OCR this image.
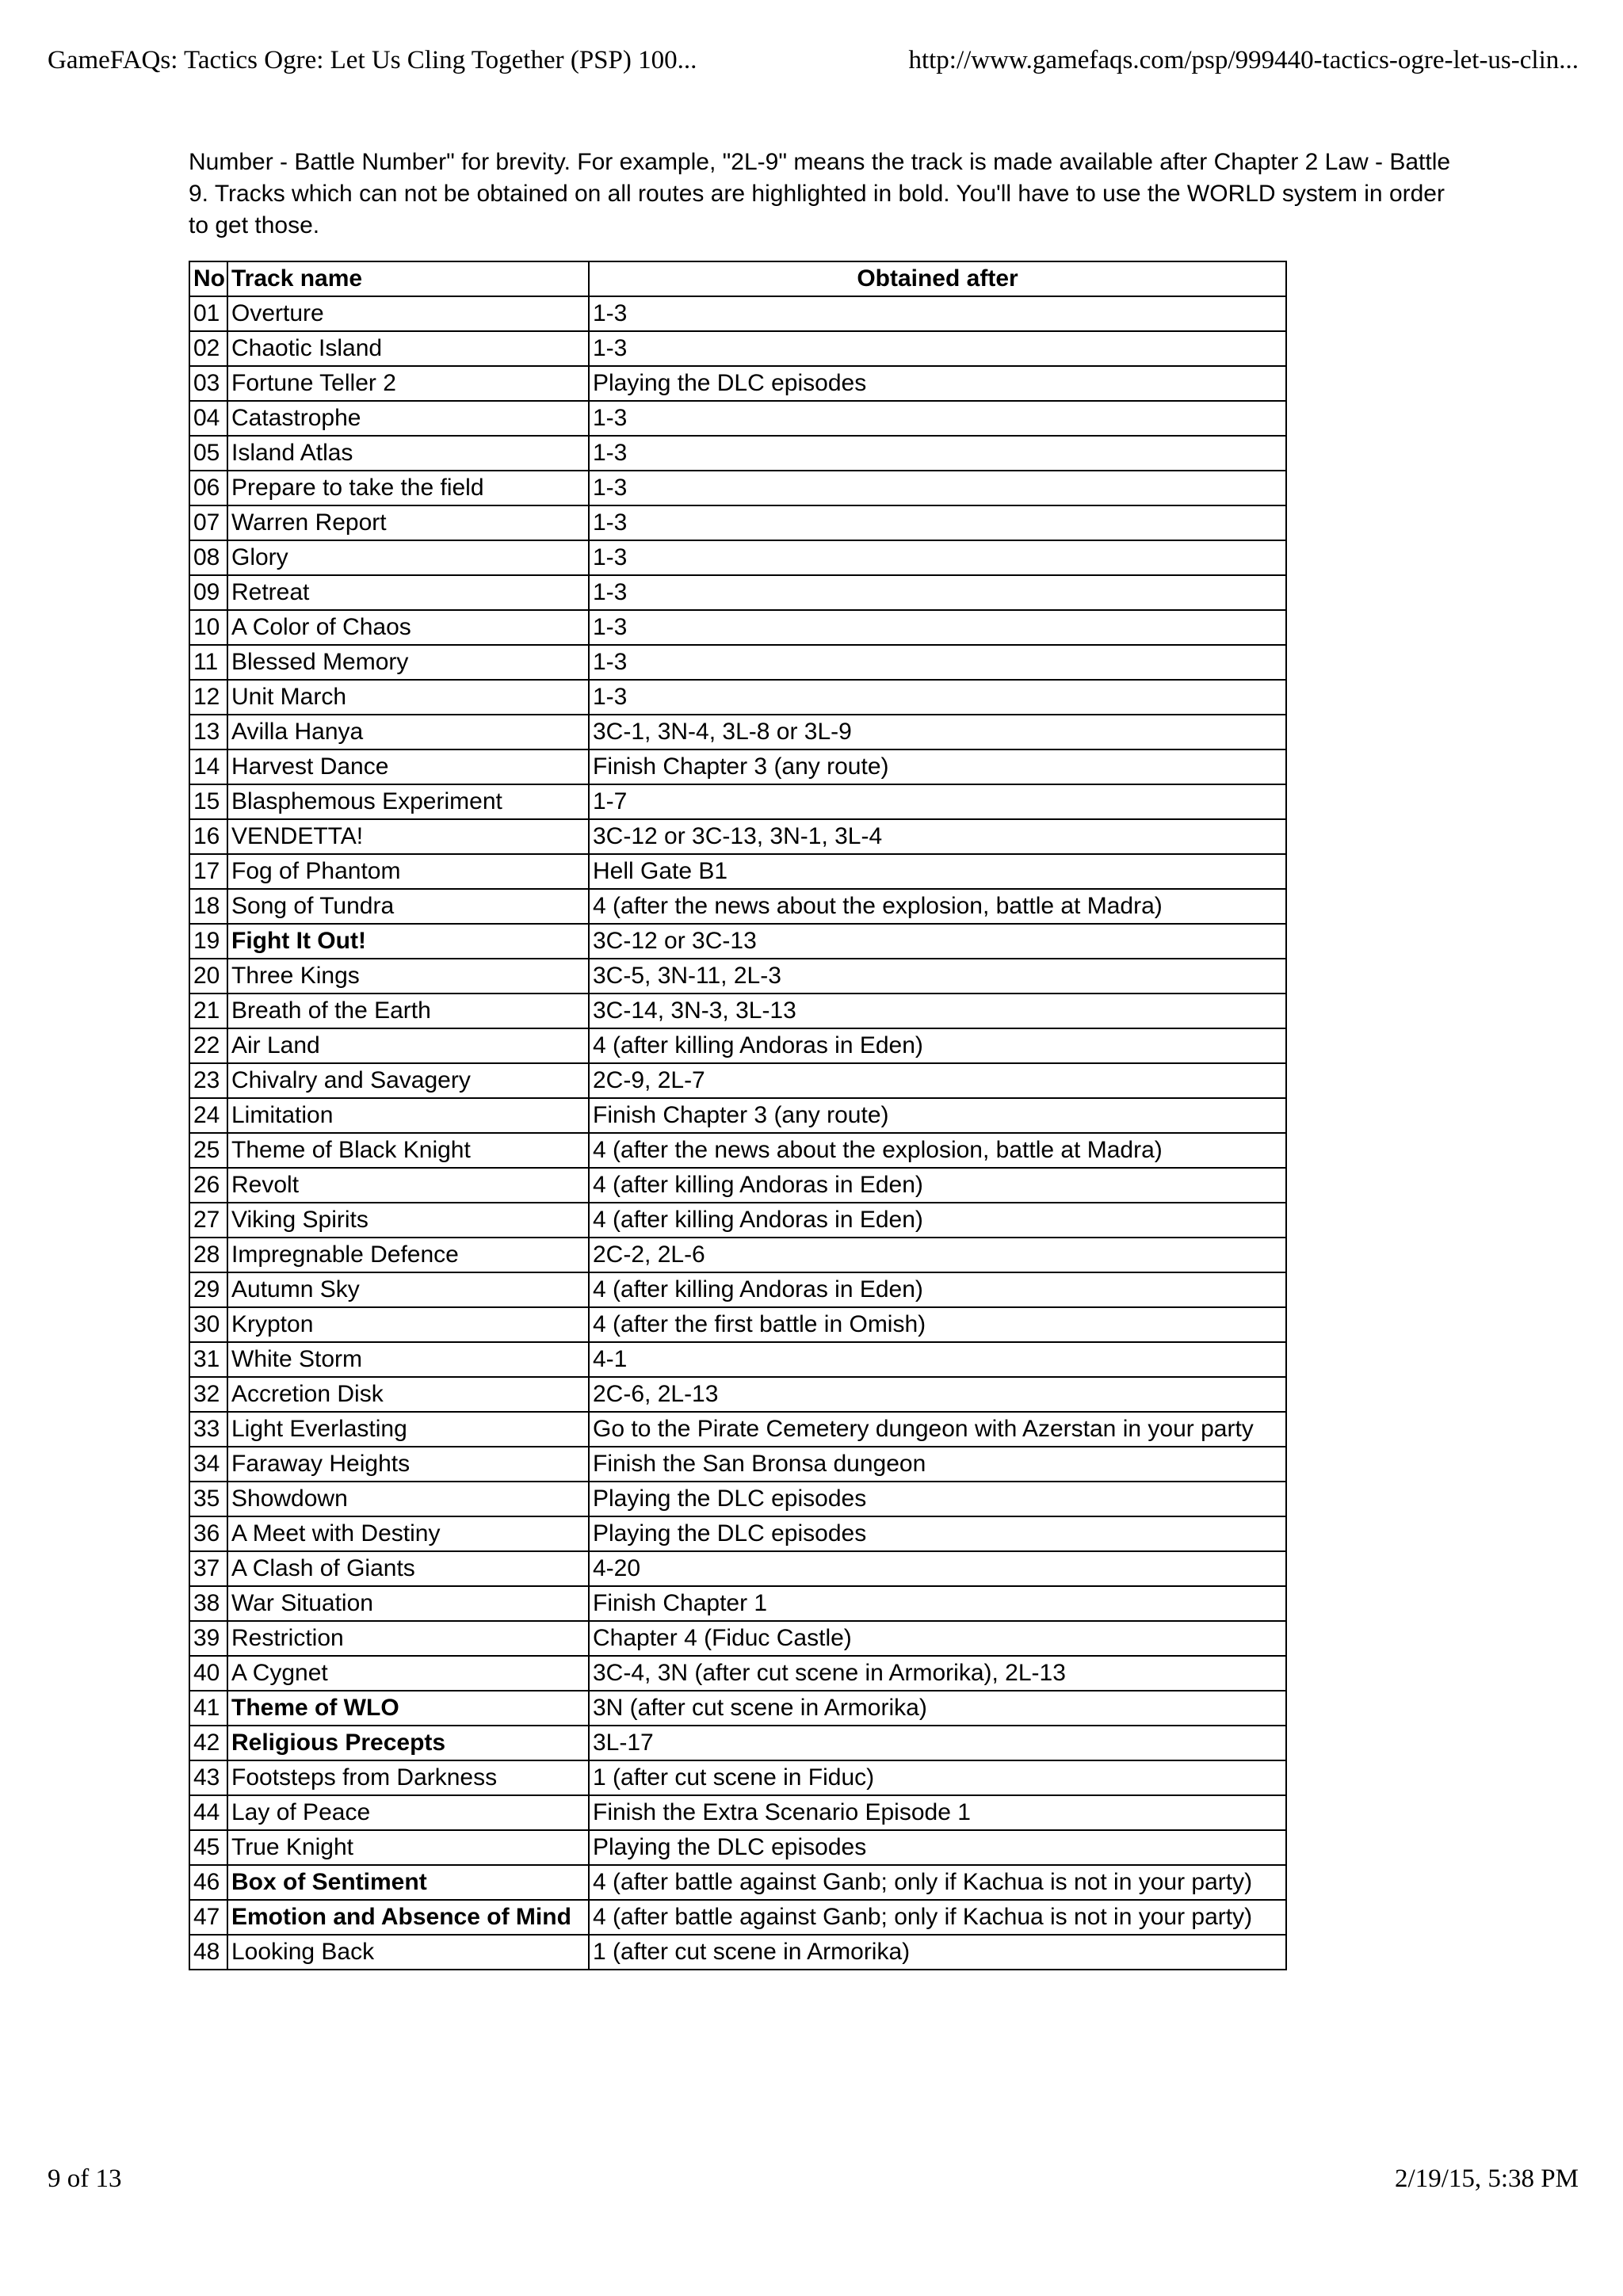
GameFAQs: Tactics Ogre: Let Us Cling Together (PSP) 100...	http://www.gamefaqs.com/psp/999440-tactics-ogre-let-us-clin...

Number - Battle Number" for brevity. For example, "2L-9" means the track is made available after Chapter 2 Law - Battle 9. Tracks which can not be obtained on all routes are highlighted in bold. You'll have to use the WORLD system in order to get those.

No	Track name	Obtained after
01	Overture	1-3
02	Chaotic Island	1-3
03	Fortune Teller 2	Playing the DLC episodes
04	Catastrophe	1-3
05	Island Atlas	1-3
06	Prepare to take the field	1-3
07	Warren Report	1-3
08	Glory	1-3
09	Retreat	1-3
10	A Color of Chaos	1-3
11	Blessed Memory	1-3
12	Unit March	1-3
13	Avilla Hanya	3C-1, 3N-4, 3L-8 or 3L-9
14	Harvest Dance	Finish Chapter 3 (any route)
15	Blasphemous Experiment	1-7
16	VENDETTA!	3C-12 or 3C-13, 3N-1, 3L-4
17	Fog of Phantom	Hell Gate B1
18	Song of Tundra	4 (after the news about the explosion, battle at Madra)
19	Fight It Out!	3C-12 or 3C-13
20	Three Kings	3C-5, 3N-11, 2L-3
21	Breath of the Earth	3C-14, 3N-3, 3L-13
22	Air Land	4 (after killing Andoras in Eden)
23	Chivalry and Savagery	2C-9, 2L-7
24	Limitation	Finish Chapter 3 (any route)
25	Theme of Black Knight	4 (after the news about the explosion, battle at Madra)
26	Revolt	4 (after killing Andoras in Eden)
27	Viking Spirits	4 (after killing Andoras in Eden)
28	Impregnable Defence	2C-2, 2L-6
29	Autumn Sky	4 (after killing Andoras in Eden)
30	Krypton	4 (after the first battle in Omish)
31	White Storm	4-1
32	Accretion Disk	2C-6, 2L-13
33	Light Everlasting	Go to the Pirate Cemetery dungeon with Azerstan in your party
34	Faraway Heights	Finish the San Bronsa dungeon
35	Showdown	Playing the DLC episodes
36	A Meet with Destiny	Playing the DLC episodes
37	A Clash of Giants	4-20
38	War Situation	Finish Chapter 1
39	Restriction	Chapter 4 (Fiduc Castle)
40	A Cygnet	3C-4, 3N (after cut scene in Armorika), 2L-13
41	Theme of WLO	3N (after cut scene in Armorika)
42	Religious Precepts	3L-17
43	Footsteps from Darkness	1 (after cut scene in Fiduc)
44	Lay of Peace	Finish the Extra Scenario Episode 1
45	True Knight	Playing the DLC episodes
46	Box of Sentiment	4 (after battle against Ganb; only if Kachua is not in your party)
47	Emotion and Absence of Mind	4 (after battle against Ganb; only if Kachua is not in your party)
48	Looking Back	1 (after cut scene in Armorika)
9 of 13	2/19/15, 5:38 PM
